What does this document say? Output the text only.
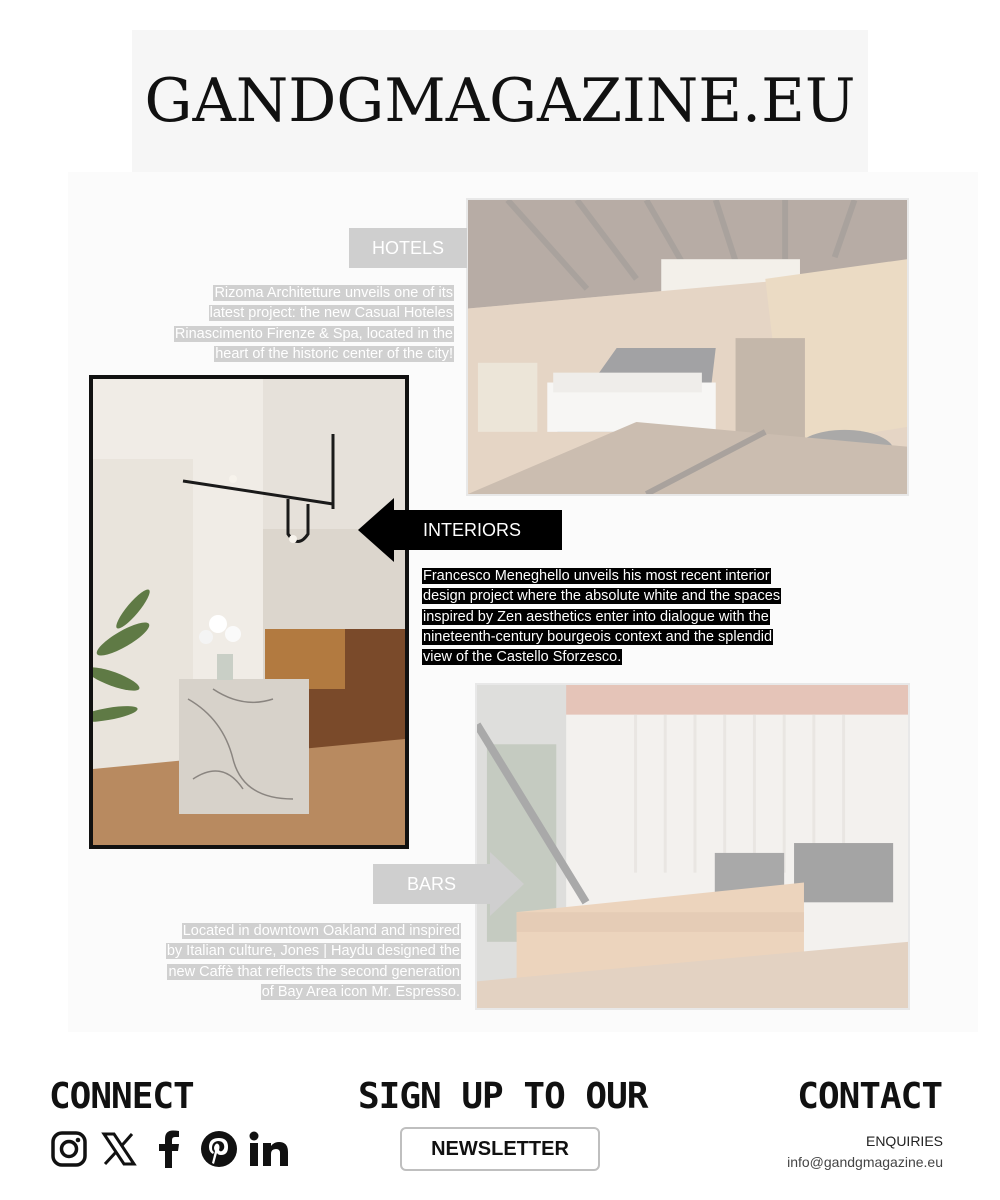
GANDGMAGAZINE.EU
HOTELS

Rizoma Architetture unveils one of its
latest project: the new Casual Hoteles
Rinascimento Firenze & Spa, located in the
heart of the historic center of the city!

INTERIORS

Francesco Meneghello unveils his most recent interior
design project where the absolute white and the spaces
inspired by Zen aesthetics enter into dialogue with the
nineteenth-century bourgeois context and the splendid
view of the Castello Sforzesco.

BARS

Located in downtown Oakland and inspired
by Italian culture, Jones | Haydu designed the
new Caffè that reflects the second generation
of Bay Area icon Mr. Espresso.

CONNECT	SIGN UP TO OUR
NEWSLETTER
CONTACT
ENQUIRIES
info@gandgmagazine.eu
